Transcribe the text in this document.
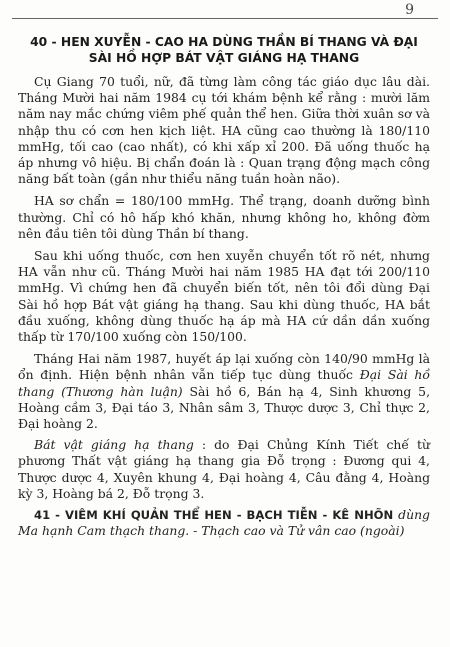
9
40 - HEN XUYỄN - CAO HA DÙNG THẦN BÍ THANG VÀ ĐẠI SÀI HỒ HỢP BÁT VẬT GIÁNG HẠ THANG

Cụ Giang 70 tuổi, nữ, đã từng làm công tác giáo dục lâu dài. Tháng Mười hai năm 1984 cụ tới khám bệnh kể rằng : mười lăm năm nay mắc chứng viêm phế quản thể hen. Giữa thời xuân sơ và nhập thu có cơn hen kịch liệt. HA cũng cao thường là 180/110 mmHg, tối cao (cao nhất), có khi xấp xỉ 200. Đã uống thuốc hạ áp nhưng vô hiệu. Bị chẩn đoán là : Quan trạng động mạch công năng bất toàn (gần như thiểu năng tuần hoàn não).

HA sơ chẩn = 180/100 mmHg. Thể trạng, doanh dưỡng bình thường. Chỉ có hô hấp khó khăn, nhưng không ho, không đờm nên đầu tiên tôi dùng Thần bí thang.

Sau khi uống thuốc, cơn hen xuyễn chuyển tốt rõ nét, nhưng HA vẫn như cũ. Tháng Mười hai năm 1985 HA đạt tới 200/110 mmHg. Vì chứng hen đã chuyển biến tốt, nên tôi đổi dùng Đại Sài hồ hợp Bát vật giáng hạ thang. Sau khi dùng thuốc, HA bắt đầu xuống, không dùng thuốc hạ áp mà HA cứ dần dần xuống thấp từ 170/100 xuống còn 150/100.

Tháng Hai năm 1987, huyết áp lại xuống còn 140/90 mmHg là ổn định. Hiện bệnh nhân vẫn tiếp tục dùng thuốc Đại Sài hồ thang (Thương hàn luận) Sài hồ 6, Bán hạ 4, Sinh khương 5, Hoàng cầm 3, Đại táo 3, Nhân sâm 3, Thược dược 3, Chỉ thực 2, Đại hoàng 2.

Bát vật giáng hạ thang : do Đại Chủng Kính Tiết chế từ phương Thất vật giáng hạ thang gia Đỗ trọng : Đương qui 4, Thược dược 4, Xuyên khung 4, Đại hoàng 4, Câu đằng 4, Hoàng kỳ 3, Hoàng bá 2, Đỗ trọng 3.

41 - VIÊM KHÍ QUẢN THỂ HEN - BẠCH TIỄN - KÊ NHÕN dùng Ma hạnh Cam thạch thang. - Thạch cao và Tử vân cao (ngoài)
